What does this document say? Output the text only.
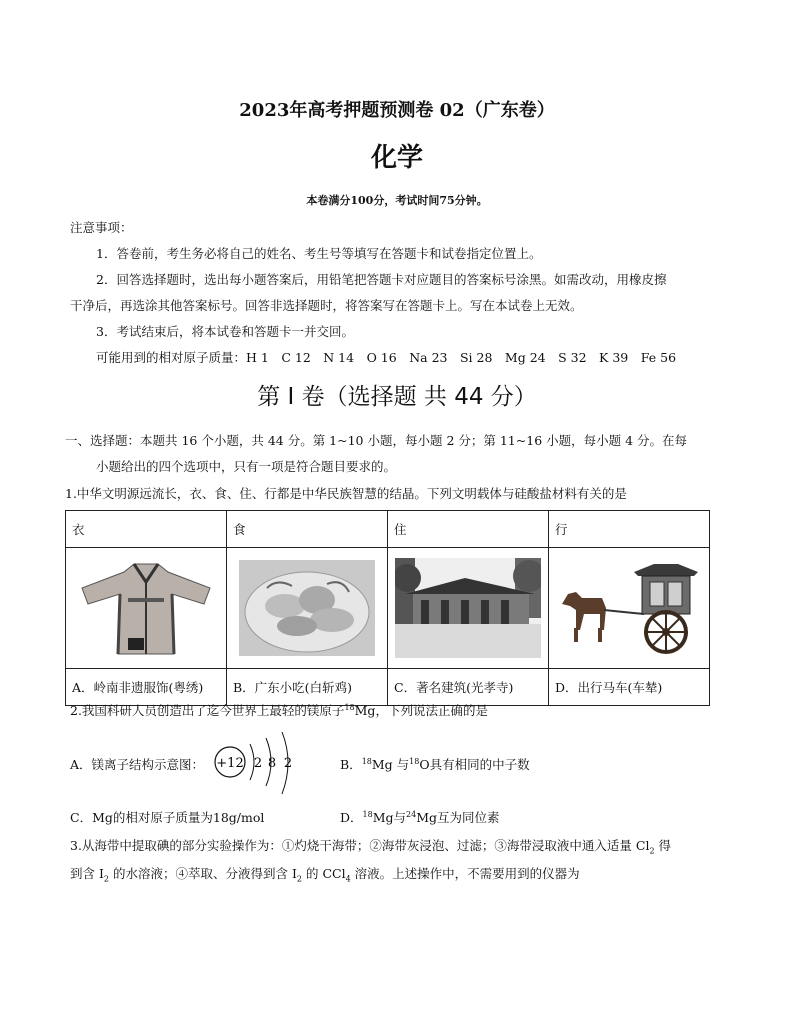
2023年高考押题预测卷 02（广东卷）
化学
本卷满分100分，考试时间75分钟。
注意事项：
1．答卷前，考生务必将自己的姓名、考生号等填写在答题卡和试卷指定位置上。
2．回答选择题时，选出每小题答案后，用铅笔把答题卡对应题目的答案标号涂黑。如需改动，用橡皮擦
干净后，再选涂其他答案标号。回答非选择题时，将答案写在答题卡上。写在本试卷上无效。
3．考试结束后，将本试卷和答题卡一并交回。
可能用到的相对原子质量：H 1　C 12　N 14　O 16　Na 23　Si 28　Mg 24　S 32　K 39　Fe 56
第 I 卷（选择题 共 44 分）
一、选择题：本题共 16 个小题，共 44 分。第 1~10 小题，每小题 2 分；第 11~16 小题，每小题 4 分。在每
小题给出的四个选项中，只有一项是符合题目要求的。
1.中华文明源远流长，衣、食、住、行都是中华民族智慧的结晶。下列文明载体与硅酸盐材料有关的是
衣	食	住	行

A．岭南非遗服饰(粤绣)	B．广东小吃(白斩鸡)	C．著名建筑(光孝寺)	D．出行马车(车辇)
2.我国科研人员创造出了迄今世界上最轻的镁原子$^{18}$Mg，下列说法正确的是
A．镁离子结构示意图： +12 2 8 2	B．$^{18}$Mg 与$^{18}$O具有相同的中子数
C．Mg的相对原子质量为18g/mol	D．$^{18}$Mg与$^{24}$Mg互为同位素
3.从海带中提取碘的部分实验操作为：①灼烧干海带；②海带灰浸泡、过滤；③海带浸取液中通入适量 $Cl_2$ 得
到含 $I_2$ 的水溶液；④萃取、分液得到含 $I_2$ 的 CCl$_4$ 溶液。上述操作中，不需要用到的仪器为
